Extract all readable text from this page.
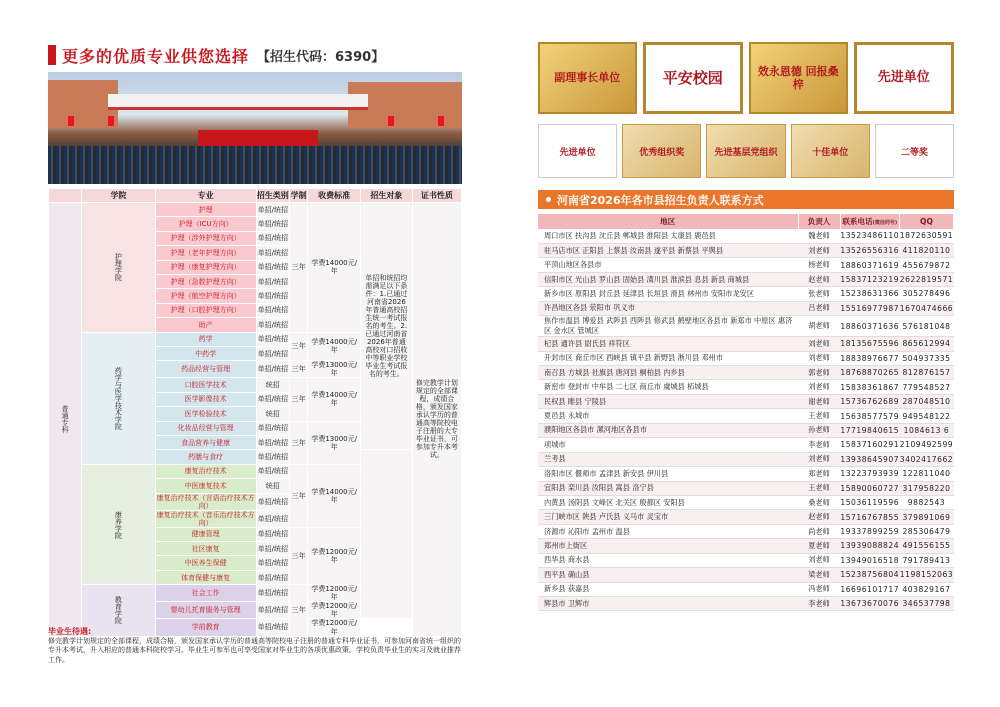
更多的优质专业供您选择 【招生代码：6390】
	学院	专业	招生类别	学制	收费标准	招生对象	证书性质
普通专科	护理学院	护理	单招/统招	三年	学费14000元/年	单招和统招均需满足以下条件：1.已通过河南省2026年普通高校招生统一考试报名的考生。2.已通过河南省2026年普通高校对口招收中等职业学校毕业生考试报名的考生。	修完教学计划规定的全部课程，成绩合格，颁发国家承认学历的普通高等院校电子注册的大专毕业证书，可参加专升本考试。
		护理（ICU方向）	单招/统招				
		护理（涉外护理方向）	单招/统招				
		护理（老年护理方向）	单招/统招				
		护理（康复护理方向）	单招/统招				
		护理（急救护理方向）	单招/统招				
		护理（航空护理方向）	单招/统招				
		护理（口腔护理方向）	单招/统招				
		助产	单招/统招				
	药学与医学技术学院	药学	单招/统招	三年	学费14000元/年		
		中药学	单招/统招				
		药品经营与管理	单招/统招	三年	学费13000元/年		
		口腔医学技术	统招	三年	学费14000元/年		
		医学影像技术	单招/统招				
		医学检验技术	统招				
		化妆品经营与管理	单招/统招	三年	学费13000元/年		
		食品营养与健康	单招/统招				
		药膳与食疗	单招/统招				
	康养学院	康复治疗技术	单招/统招	三年	学费14000元/年		
		中医康复技术	统招				
		康复治疗技术（言语治疗技术方向）	单招/统招				
		康复治疗技术（音乐治疗技术方向）	单招/统招				
		健康管理	单招/统招	三年	学费12000元/年		
		社区康复	单招/统招				
		中医养生保健	单招/统招				
		体育保健与康复	单招/统招				
	教育学院	社会工作	单招/统招	三年	学费12000元/年		
		婴幼儿托育服务与管理	单招/统招		学费12000元/年		
		学前教育	单招/统招		学费12000元/年		
毕业生待遇:
修完教学计划规定的全部课程，成绩合格，颁发国家承认学历的普通高等院校电子注册的普通专科毕业证书，可参加河南省统一组织的专升本考试，升入相应的普通本科院校学习。毕业生可参军也可享受国家对毕业生的各项优惠政策。学校负责毕业生的实习及就业推荐工作。
副理事长单位	平安校园	效永恩德 回报桑梓	先进单位
先进单位	优秀组织奖	先进基层党组织	十佳单位	二等奖
河南省2026年各市县招生负责人联系方式
地区	负责人	联系电话(微信同号)	QQ
周口市区 扶沟县 沈丘县 郸城县 淮阳县 太康县 鹿邑县	魏老师	13523486110	1872630591
驻马店市区 正阳县 上蔡县 汝南县 遂平县 新蔡县 平舆县	刘老师	13526556316	411820110
平顶山地区各县市	杨老师	18860371619	455679872
信阳市区 光山县 罗山县 固始县 潢川县 淮滨县 息县 新县 商城县	赵老师	15837123219	2622819571
新乡市区 原阳县 封丘县 延津县 长垣县 滑县 林州市 安阳市龙安区	张老师	15238631366	305278496
许昌地区各县 荥阳市 巩义市	吕老师	15516977987	1670474666
焦作市温县 博爱县 武陟县 西陟县 修武县 鹤壁地区各县市 新郑市 中原区 惠济区 金水区 管城区	胡老师	18860371636	576181048
杞县 通许县 尉氏县 祥符区	刘老师	18135675596	865612994
开封市区 商丘市区 西峡县 镇平县 新野县 淅川县 邓州市	刘老师	18838976677	504937335
南召县 方城县 社旗县 唐河县 桐柏县 内乡县	郭老师	18768870265	812876157
新密市 登封市 中牟县 二七区 商丘市 虞城县 柘城县	刘老师	15838361867	779548527
民权县 睢县 宁陵县	谢老师	15736762689	287048510
夏邑县 永城市	王老师	15638577579	949548122
濮阳地区各县市 漯河地区各县市	孙老师	17719840615	1084613 6
项城市	李老师	15837160291	2109492599
兰考县	刘老师	13938645907	3402417662
洛阳市区 偃师市 孟津县 新安县 伊川县	郑老师	13223793939	122811040
宜阳县 栾川县 汝阳县 嵩县 洛宁县	王老师	15890060727	317958220
内黄县 汤阴县 文峰区 北关区 殷都区 安阳县	桑老师	15036119596	9882543
三门峡市区 陕县 卢氏县 义马市 灵宝市	赵老师	15716767855	379891069
济源市 沁阳市 孟州市 温县	尚老师	19337899259	285306479
郑州市上街区	夏老师	13939088824	491556155
西华县 商水县	刘老师	13949016518	791789413
西平县 确山县	梁老师	15238756804	1198152063
新乡县 获嘉县	冯老师	16696101717	403829167
辉县市 卫辉市	李老师	13673670076	346537798
